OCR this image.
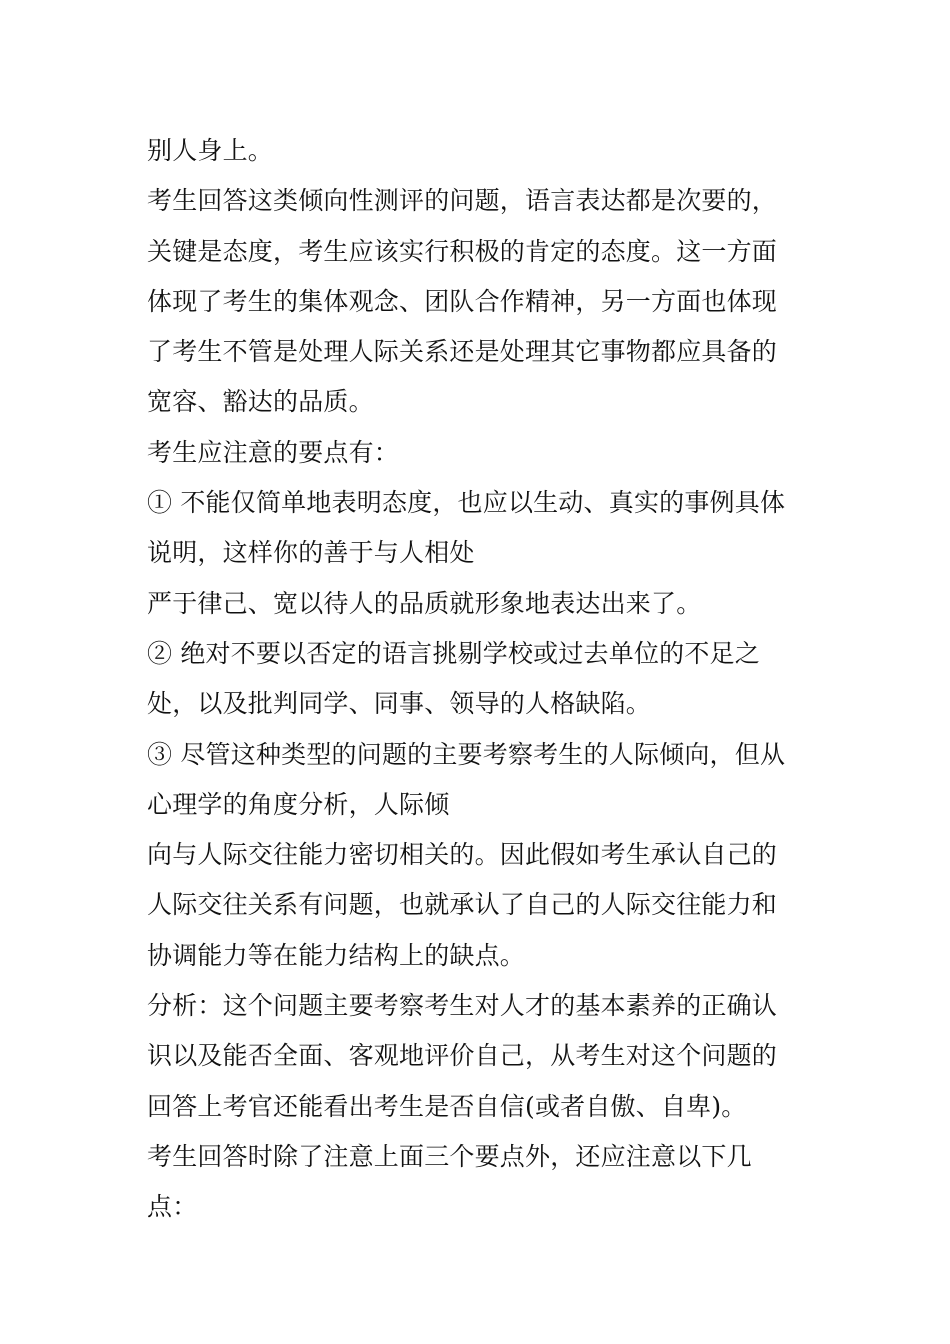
别人身上。
考生回答这类倾向性测评的问题，语言表达都是次要的，
关键是态度，考生应该实行积极的肯定的态度。这一方面
体现了考生的集体观念、团队合作精神，另一方面也体现
了考生不管是处理人际关系还是处理其它事物都应具备的
宽容、豁达的品质。
考生应注意的要点有：
① 不能仅简单地表明态度，也应以生动、真实的事例具体
说明，这样你的善于与人相处
严于律己、宽以待人的品质就形象地表达出来了。
② 绝对不要以否定的语言挑剔学校或过去单位的不足之
处，以及批判同学、同事、领导的人格缺陷。
③ 尽管这种类型的问题的主要考察考生的人际倾向，但从
心理学的角度分析，人际倾
向与人际交往能力密切相关的。因此假如考生承认自己的
人际交往关系有问题，也就承认了自己的人际交往能力和
协调能力等在能力结构上的缺点。
分析：这个问题主要考察考生对人才的基本素养的正确认
识以及能否全面、客观地评价自己，从考生对这个问题的
回答上考官还能看出考生是否自信(或者自傲、自卑)。
考生回答时除了注意上面三个要点外，还应注意以下几
点：
